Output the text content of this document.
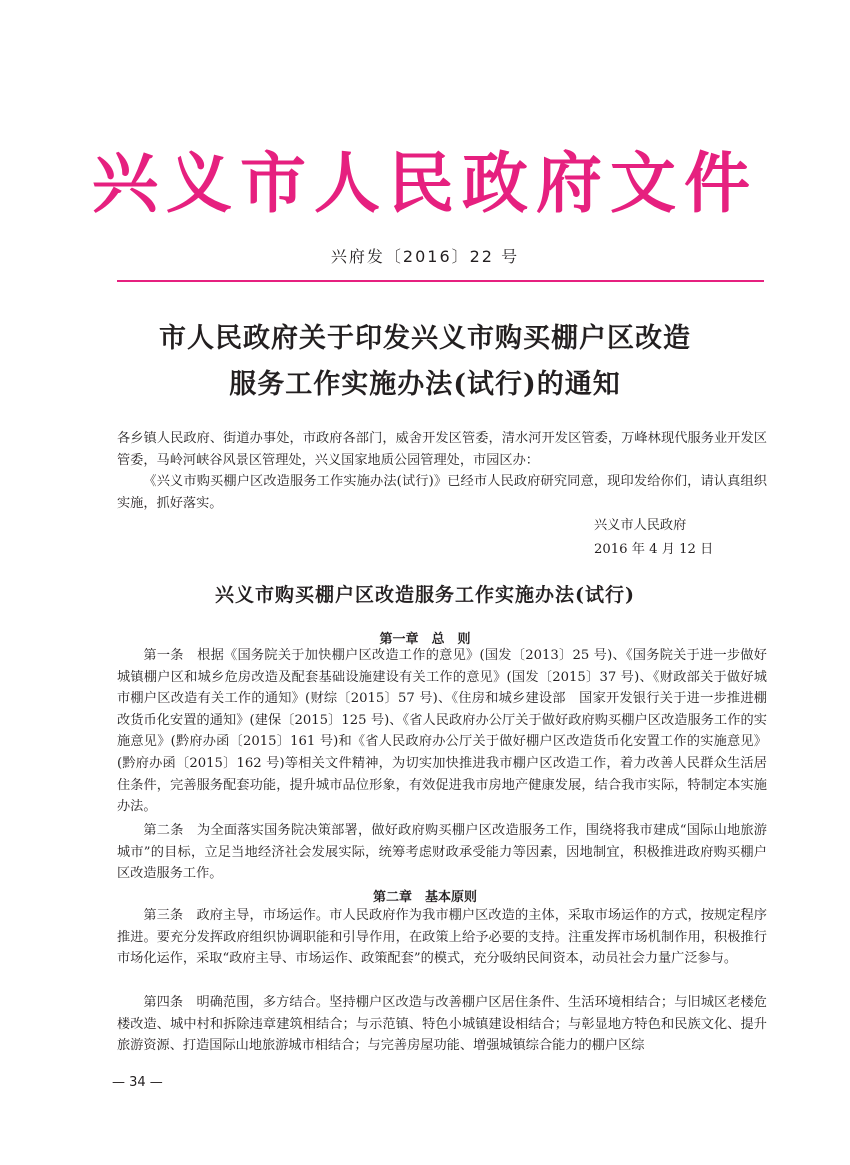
兴义市人民政府文件
兴府发〔2016〕22 号
市人民政府关于印发兴义市购买棚户区改造
服务工作实施办法(试行)的通知

各乡镇人民政府、街道办事处，市政府各部门，威舍开发区管委，清水河开发区管委，万峰林现代服务业开发区管委，马岭河峡谷风景区管理处，兴义国家地质公园管理处，市园区办：

《兴义市购买棚户区改造服务工作实施办法(试行)》已经市人民政府研究同意，现印发给你们，请认真组织实施，抓好落实。

兴义市人民政府
2016 年 4 月 12 日
兴义市购买棚户区改造服务工作实施办法(试行)
第一章　总　则

第一条　根据《国务院关于加快棚户区改造工作的意见》(国发〔2013〕25 号)、《国务院关于进一步做好城镇棚户区和城乡危房改造及配套基础设施建设有关工作的意见》(国发〔2015〕37 号)、《财政部关于做好城市棚户区改造有关工作的通知》(财综〔2015〕57 号)、《住房和城乡建设部　国家开发银行关于进一步推进棚改货币化安置的通知》(建保〔2015〕125 号)、《省人民政府办公厅关于做好政府购买棚户区改造服务工作的实施意见》(黔府办函〔2015〕161 号)和《省人民政府办公厅关于做好棚户区改造货币化安置工作的实施意见》(黔府办函〔2015〕162 号)等相关文件精神，为切实加快推进我市棚户区改造工作，着力改善人民群众生活居住条件，完善服务配套功能，提升城市品位形象，有效促进我市房地产健康发展，结合我市实际，特制定本实施办法。

第二条　为全面落实国务院决策部署，做好政府购买棚户区改造服务工作，围绕将我市建成“国际山地旅游城市”的目标，立足当地经济社会发展实际，统筹考虑财政承受能力等因素，因地制宜，积极推进政府购买棚户区改造服务工作。

第二章　基本原则

第三条　政府主导，市场运作。市人民政府作为我市棚户区改造的主体，采取市场运作的方式，按规定程序推进。要充分发挥政府组织协调职能和引导作用，在政策上给予必要的支持。注重发挥市场机制作用，积极推行市场化运作，采取“政府主导、市场运作、政策配套”的模式，充分吸纳民间资本，动员社会力量广泛参与。

第四条　明确范围，多方结合。坚持棚户区改造与改善棚户区居住条件、生活环境相结合；与旧城区老楼危楼改造、城中村和拆除违章建筑相结合；与示范镇、特色小城镇建设相结合；与彰显地方特色和民族文化、提升旅游资源、打造国际山地旅游城市相结合；与完善房屋功能、增强城镇综合能力的棚户区综

— 34 —
